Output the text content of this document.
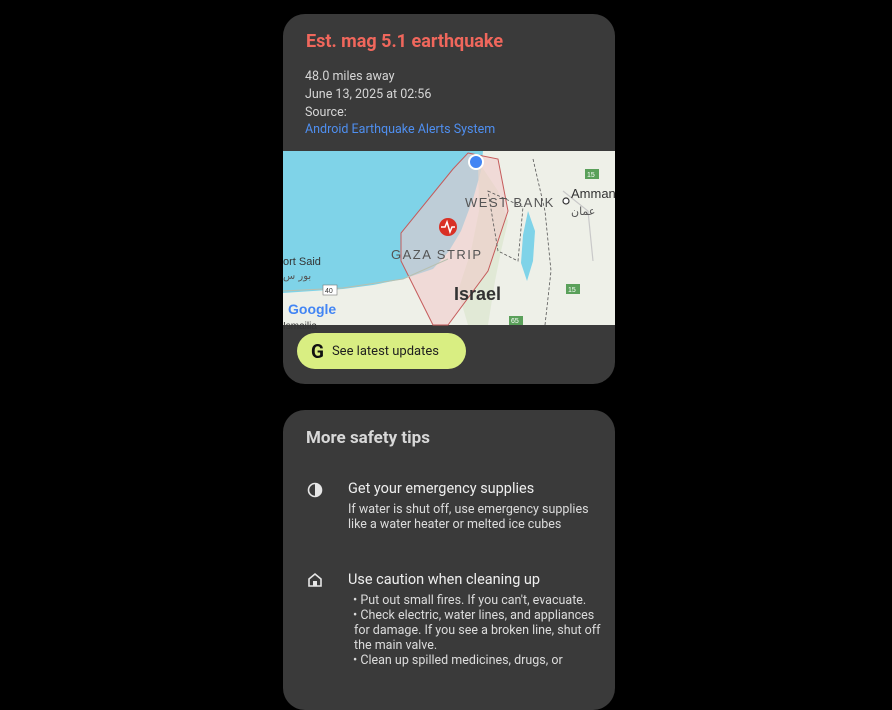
Est. mag 5.1 earthquake
48.0 miles away
June 13, 2025 at 02:56
Source:
Android Earthquake Alerts System
WEST BANK
GAZA STRIP
Israel
Amman
عمان
ort Said
بور س
40
15
15
65
Google
Ismailia
G See latest updates
More safety tips
Get your emergency supplies
If water is shut off, use emergency supplies like a water heater or melted ice cubes
Use caution when cleaning up
• Put out small fires. If you can't, evacuate.
• Check electric, water lines, and appliances for damage. If you see a broken line, shut off the main valve.
• Clean up spilled medicines, drugs, or
